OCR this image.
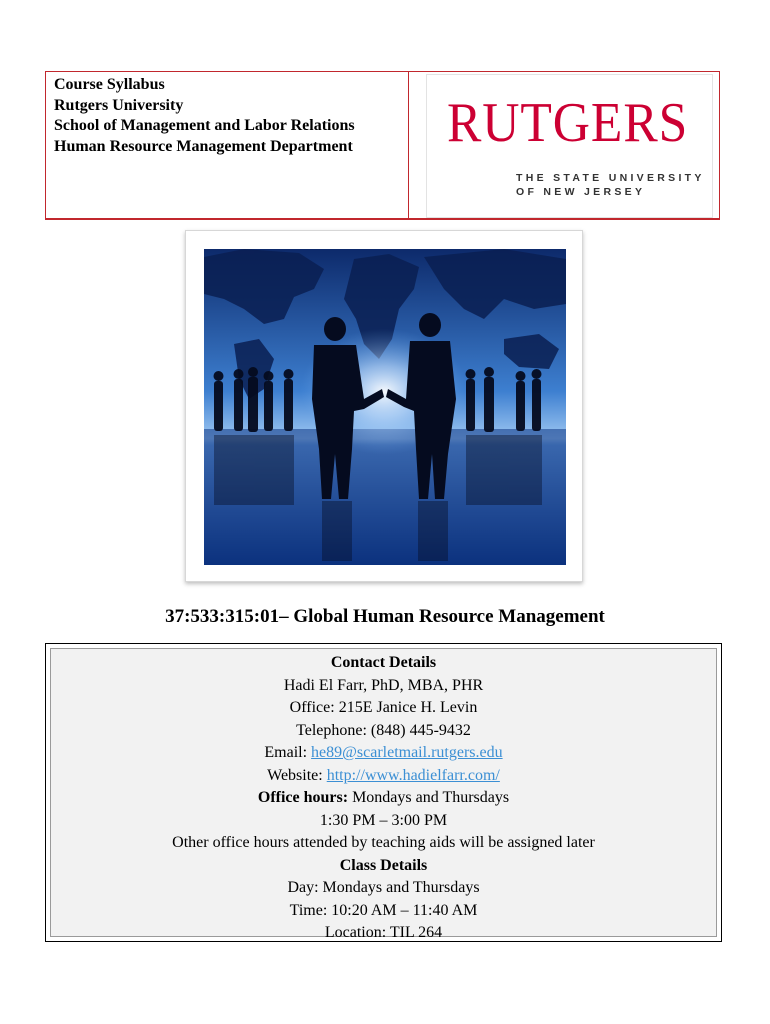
Course Syllabus
Rutgers University
School of Management and Labor Relations
Human Resource Management Department	RUTGERS
THE STATE UNIVERSITY
OF NEW JERSEY
37:533:315:01– Global Human Resource Management
Contact Details
Hadi El Farr, PhD, MBA, PHR
Office: 215E Janice H. Levin
Telephone: (848) 445-9432
Email: he89@scarletmail.rutgers.edu
Website: http://www.hadielfarr.com/
Office hours: Mondays and Thursdays
1:30 PM – 3:00 PM
Other office hours attended by teaching aids will be assigned later
Class Details
Day: Mondays and Thursdays
Time: 10:20 AM – 11:40 AM
Location: TIL 264
